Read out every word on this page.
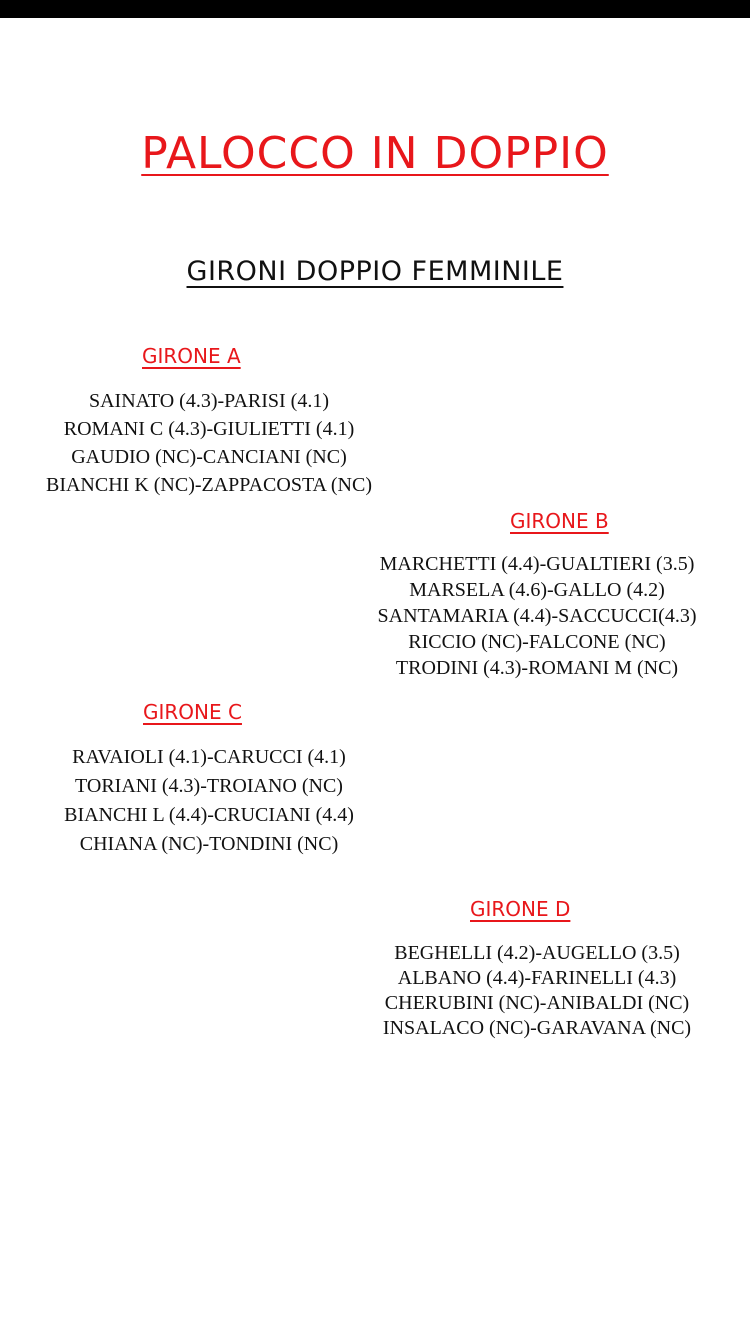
PALOCCO IN DOPPIO
GIRONI DOPPIO FEMMINILE
GIRONE A
SAINATO (4.3)-PARISI (4.1)
ROMANI C (4.3)-GIULIETTI (4.1)
GAUDIO (NC)-CANCIANI (NC)
BIANCHI K (NC)-ZAPPACOSTA (NC)
GIRONE B
MARCHETTI (4.4)-GUALTIERI (3.5)
MARSELA (4.6)-GALLO (4.2)
SANTAMARIA (4.4)-SACCUCCI(4.3)
RICCIO (NC)-FALCONE (NC)
TRODINI (4.3)-ROMANI M (NC)
GIRONE C
RAVAIOLI (4.1)-CARUCCI (4.1)
TORIANI (4.3)-TROIANO (NC)
BIANCHI L (4.4)-CRUCIANI (4.4)
CHIANA (NC)-TONDINI (NC)
GIRONE D
BEGHELLI (4.2)-AUGELLO (3.5)
ALBANO (4.4)-FARINELLI (4.3)
CHERUBINI (NC)-ANIBALDI (NC)
INSALACO (NC)-GARAVANA (NC)
